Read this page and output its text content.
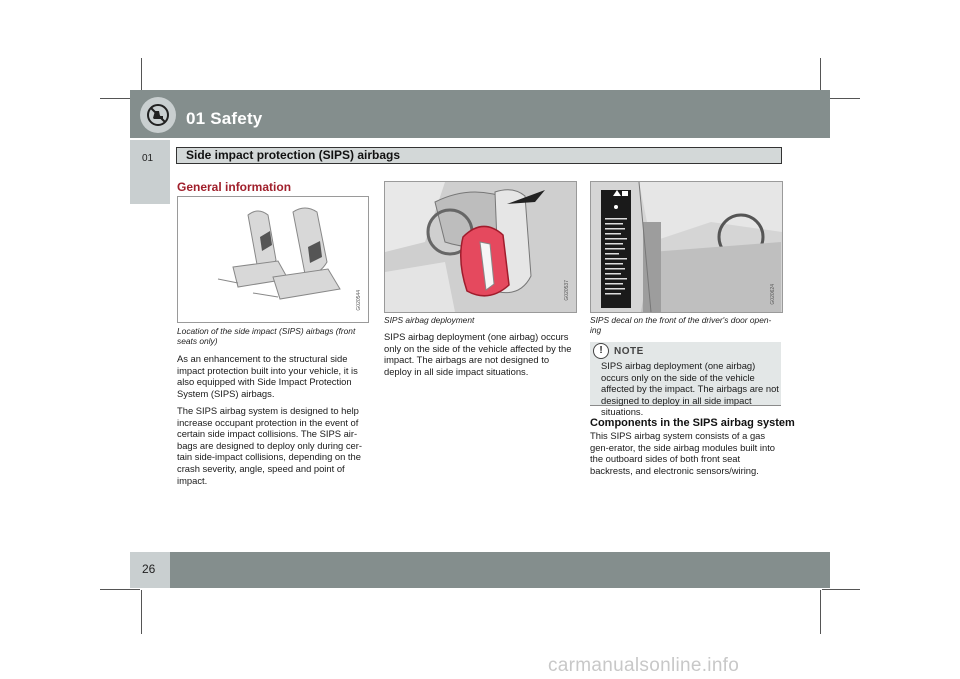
01 Safety
01	Side impact protection (SIPS) airbags
General information
G020544
Location of the side impact (SIPS) airbags (front seats only)
As an enhancement to the structural side impact protection built into your vehicle, it is also equipped with Side Impact Protection System (SIPS) airbags.
The SIPS airbag system is designed to help increase occupant protection in the event of certain side impact collisions. The SIPS air-bags are designed to deploy only during cer-tain side-impact collisions, depending on the crash severity, angle, speed and point of impact.
G020537
SIPS airbag deployment
SIPS airbag deployment (one airbag) occurs only on the side of the vehicle affected by the impact. The airbags are not designed to deploy in all side impact situations.
G020624
SIPS decal on the front of the driver's door open-ing
!	NOTE
SIPS airbag deployment (one airbag) occurs only on the side of the vehicle affected by the impact. The airbags are not designed to deploy in all side impact situations.
Components in the SIPS airbag system
This SIPS airbag system consists of a gas gen-erator, the side airbag modules built into the outboard sides of both front seat backrests, and electronic sensors/wiring.
26
carmanualsonline.info
